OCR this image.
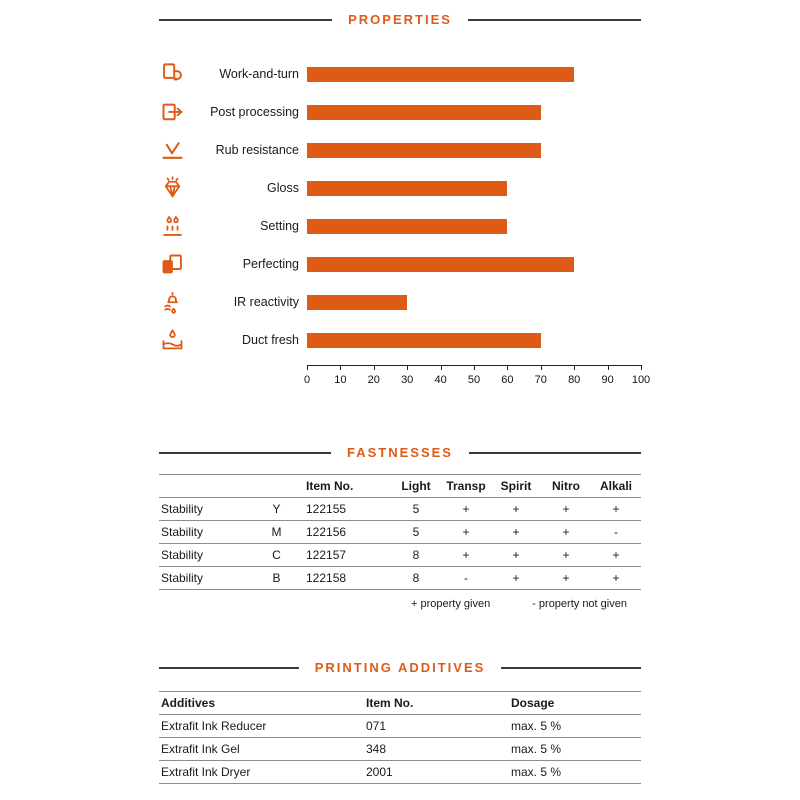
PROPERTIES
Work-and-turn
Post processing
Rub resistance
Gloss
Setting
Perfecting
IR reactivity
Duct fresh
0 10 20 30 40 50 60 70 80 90 100
FASTNESSES
		Item No.	Light	Transp	Spirit	Nitro	Alkali
Stability	Y	122155	5	+	+	+	+
Stability	M	122156	5	+	+	+	-
Stability	C	122157	8	+	+	+	+
Stability	B	122158	8	-	+	+	+
+ property given	- property not given
PRINTING ADDITIVES
Additives	Item No.	Dosage
Extrafit Ink Reducer	071	max. 5 %
Extrafit Ink Gel	348	max. 5 %
Extrafit Ink Dryer	2001	max. 5 %
